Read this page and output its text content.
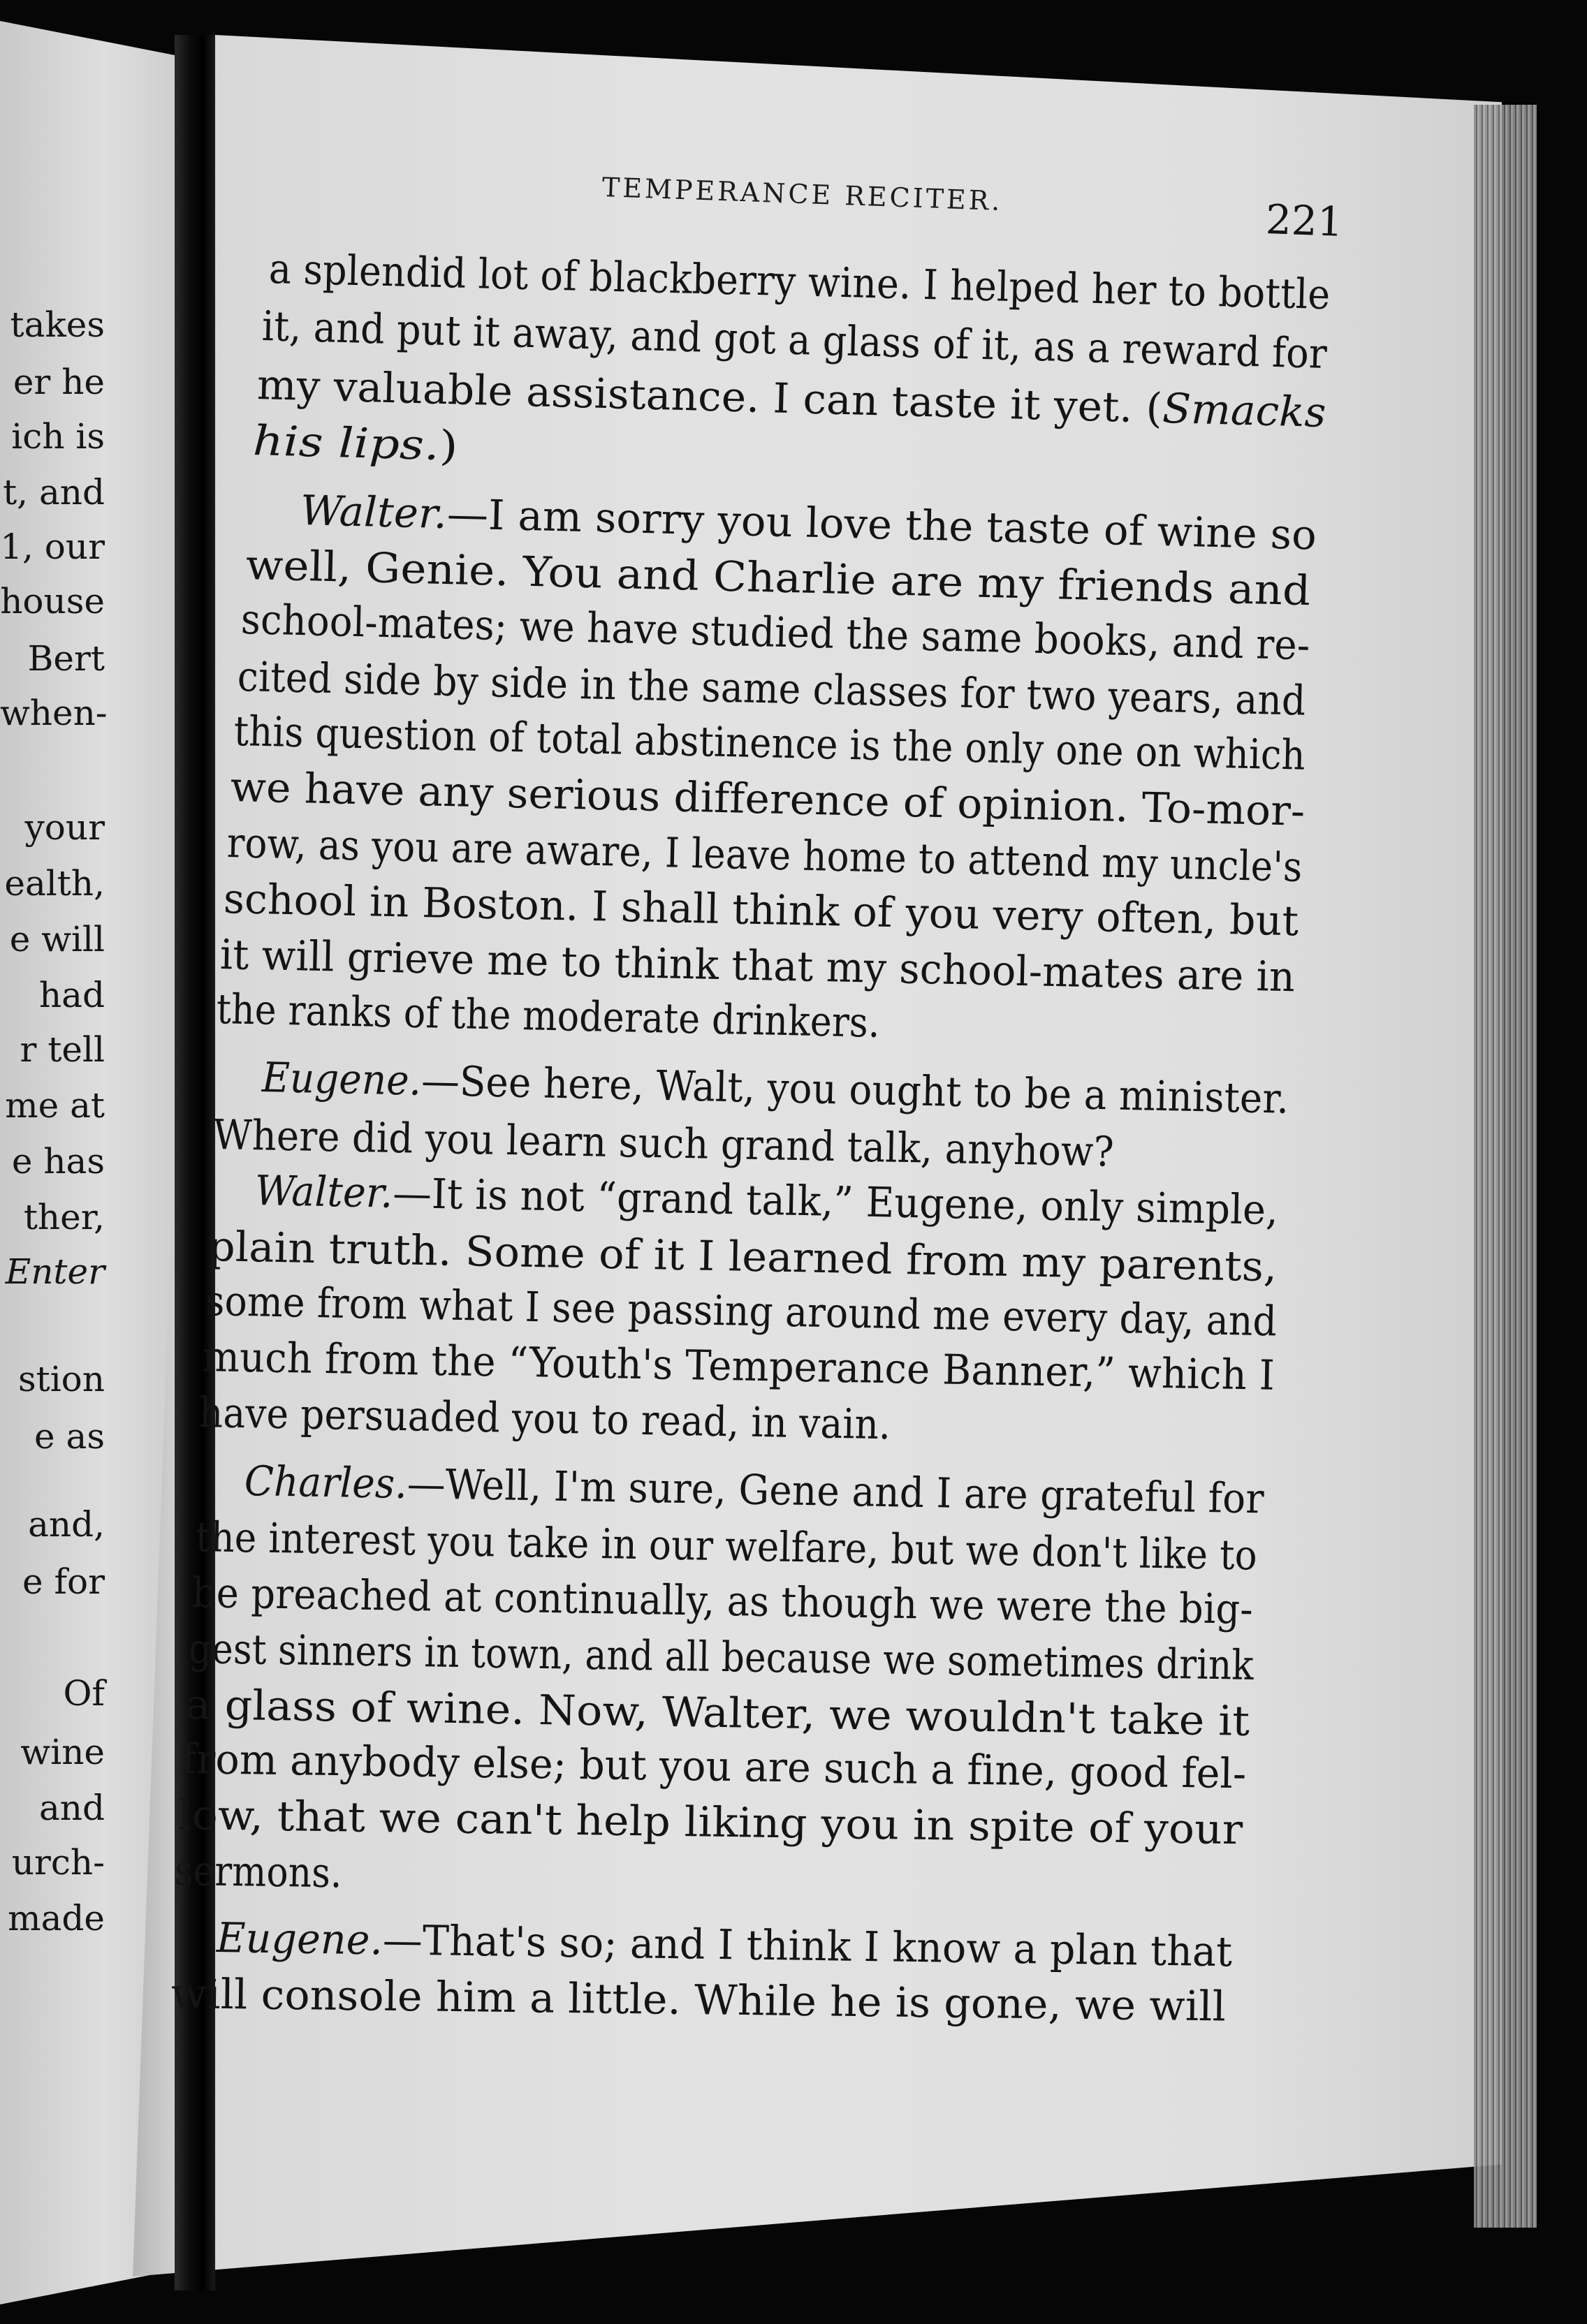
takes
er he
ich is
t, and
1, our
house
Bert
when-
your
ealth,
e will
had
r tell
me at
e has
ther,
Enter
stion
e as
and,
e for
Of
wine
and
urch-
made
TEMPERANCE RECITER.
221
a splendid lot of blackberry wine. I helped her to bottle
it, and put it away, and got a glass of it, as a reward for
my valuable assistance. I can taste it yet. (Smacks
his lips.)
Walter.—I am sorry you love the taste of wine so
well, Genie. You and Charlie are my friends and
school-mates; we have studied the same books, and re-
cited side by side in the same classes for two years, and
this question of total abstinence is the only one on which
we have any serious difference of opinion. To-mor-
row, as you are aware, I leave home to attend my uncle's
school in Boston. I shall think of you very often, but
it will grieve me to think that my school-mates are in
the ranks of the moderate drinkers.
Eugene.—See here, Walt, you ought to be a minister.
Where did you learn such grand talk, anyhow?
Walter.—It is not “grand talk,” Eugene, only simple,
plain truth. Some of it I learned from my parents,
some from what I see passing around me every day, and
much from the “Youth's Temperance Banner,” which I
have persuaded you to read, in vain.
Charles.—Well, I'm sure, Gene and I are grateful for
the interest you take in our welfare, but we don't like to
be preached at continually, as though we were the big-
gest sinners in town, and all because we sometimes drink
a glass of wine. Now, Walter, we wouldn't take it
from anybody else; but you are such a fine, good fel-
low, that we can't help liking you in spite of your
sermons.
Eugene.—That's so; and I think I know a plan that
will console him a little. While he is gone, we will
